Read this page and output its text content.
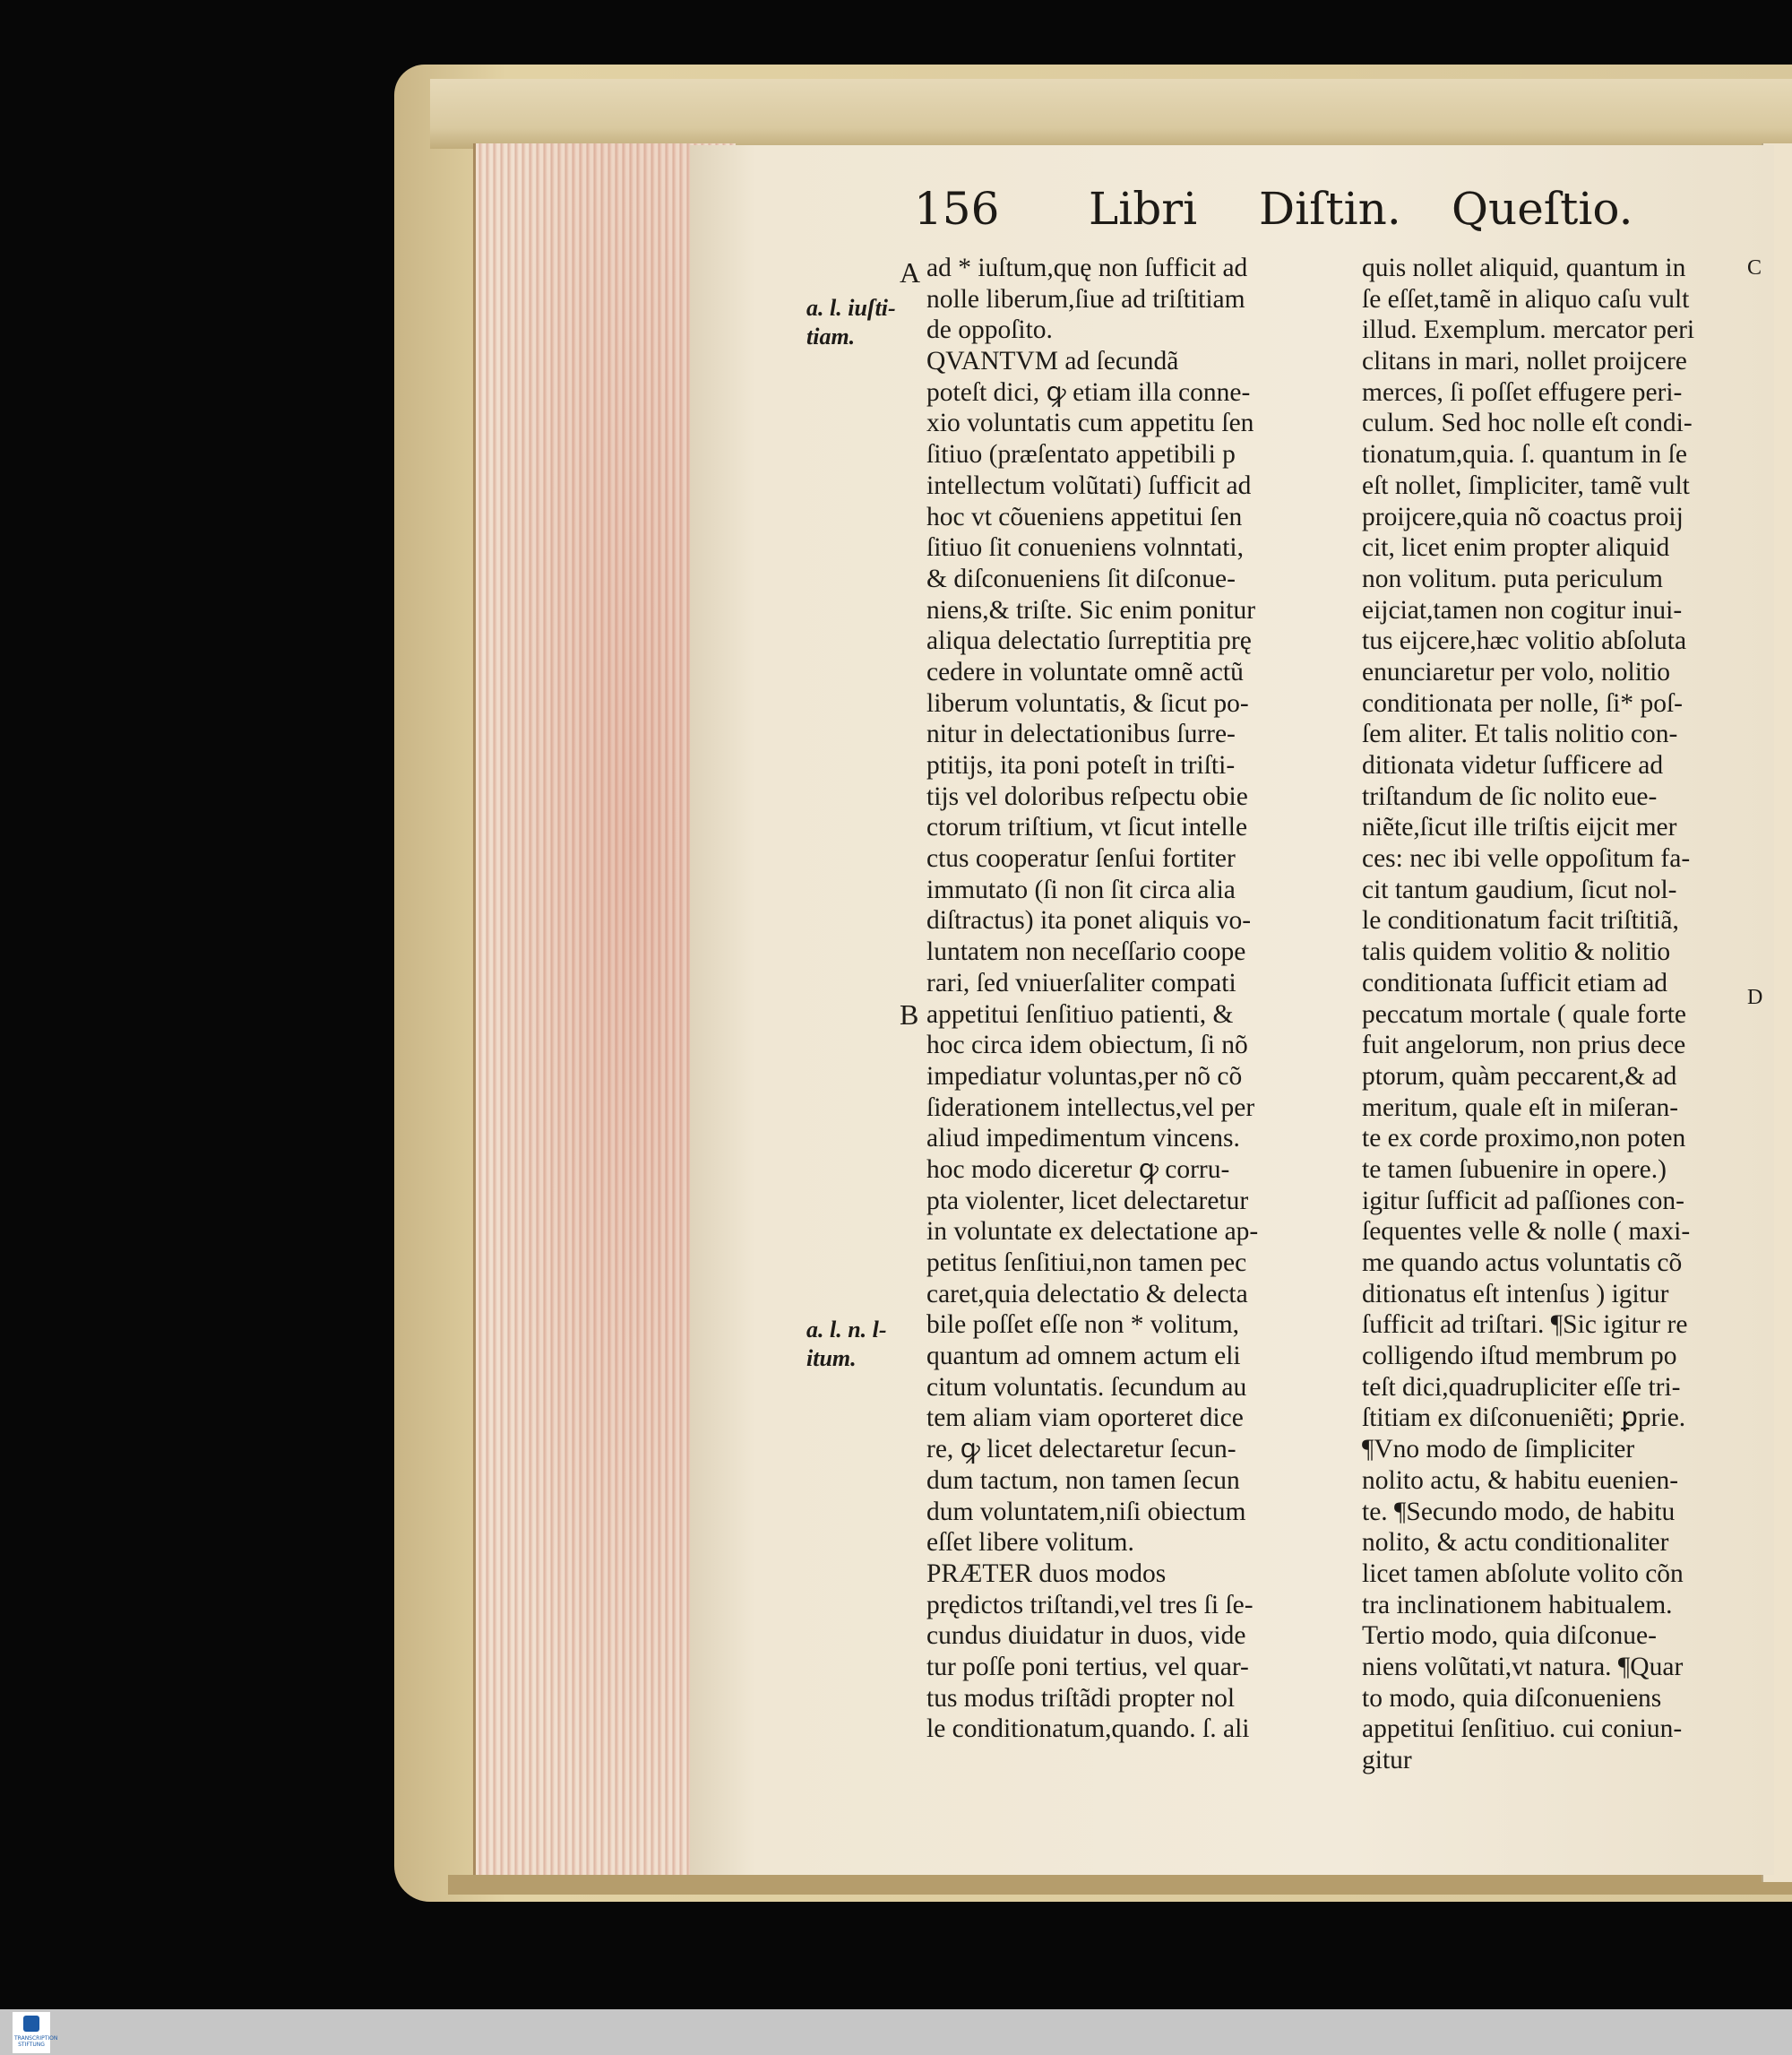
156 Libri Diſtin. Queſtio.
ad * iuſtum,quę non ſufficit ad
nolle liberum,ſiue ad triſtitiam
de oppoſito.
QVANTVM ad ſecundã
poteſt dici, ꝙ etiam illa conne-
xio voluntatis cum appetitu ſen
ſitiuo (præſentato appetibili p
intellectum volũtati) ſufficit ad
hoc vt cõueniens appetitui ſen
ſitiuo ſit conueniens volnntati,
& diſconueniens ſit diſconue-
niens,& triſte. Sic enim ponitur
aliqua delectatio ſurreptitia prę
cedere in voluntate omnẽ actũ
liberum voluntatis, & ſicut po-
nitur in delectationibus ſurre-
ptitijs, ita poni poteſt in triſti-
tijs vel doloribus reſpectu obie
ctorum triſtium, vt ſicut intelle
ctus cooperatur ſenſui fortiter
immutato (ſi non ſit circa alia
diſtractus) ita ponet aliquis vo-
luntatem non neceſſario coope
rari, ſed vniuerſaliter compati
appetitui ſenſitiuo patienti, &
hoc circa idem obiectum, ſi nõ
impediatur voluntas,per nõ cõ
ſiderationem intellectus,vel per
aliud impedimentum vincens.
hoc modo diceretur ꝙ corru-
pta violenter, licet delectaretur
in voluntate ex delectatione ap-
petitus ſenſitiui,non tamen pec
caret,quia delectatio & delecta
bile poſſet eſſe non * volitum,
quantum ad omnem actum eli
citum voluntatis. ſecundum au
tem aliam viam oporteret dice
re, ꝙ licet delectaretur ſecun-
dum tactum, non tamen ſecun
dum voluntatem,niſi obiectum
eſſet libere volitum.
PRÆTER duos modos
prędictos triſtandi,vel tres ſi ſe-
cundus diuidatur in duos, vide
tur poſſe poni tertius, vel quar-
tus modus triſtãdi propter nol
le conditionatum,quando. ſ. ali
quis nollet aliquid, quantum in
ſe eſſet,tamẽ in aliquo caſu vult
illud. Exemplum. mercator peri
clitans in mari, nollet proijcere
merces, ſi poſſet effugere peri-
culum. Sed hoc nolle eſt condi-
tionatum,quia. ſ. quantum in ſe
eſt nollet, ſimpliciter, tamẽ vult
proijcere,quia nõ coactus proij
cit, licet enim propter aliquid
non volitum. puta periculum
eijciat,tamen non cogitur inui-
tus eijcere,hæc volitio abſoluta
enunciaretur per volo, nolitio
conditionata per nolle, ſi* poſ-
ſem aliter. Et talis nolitio con-
ditionata videtur ſufficere ad
triſtandum de ſic nolito eue-
niẽte,ſicut ille triſtis eijcit mer
ces: nec ibi velle oppoſitum fa-
cit tantum gaudium, ſicut nol-
le conditionatum facit triſtitiã,
talis quidem volitio & nolitio
conditionata ſufficit etiam ad
peccatum mortale ( quale forte
fuit angelorum, non prius dece
ptorum, quàm peccarent,& ad
meritum, quale eſt in miſeran-
te ex corde proximo,non poten
te tamen ſubuenire in opere.)
igitur ſufficit ad paſſiones con-
ſequentes velle & nolle ( maxi-
me quando actus voluntatis cõ
ditionatus eſt intenſus ) igitur
ſufficit ad triſtari. ¶Sic igitur re
colligendo iſtud membrum po
teſt dici,quadrupliciter eſſe tri-
ſtitiam ex diſconueniẽti; ꝑprie.
¶Vno modo de ſimpliciter
nolito actu, & habitu euenien-
te. ¶Secundo modo, de habitu
nolito, & actu conditionaliter
licet tamen abſolute volito cõn
tra inclinationem habitualem.
Tertio modo, quia diſconue-
niens volũtati,vt natura. ¶Quar
to modo, quia diſconueniens
appetitui ſenſitiuo. cui coniun-
gitur
A
B
C
D
a. l. iuſti-
tiam.
a. l. n. l-
itum.
TRANSCRIPTION STIFTUNG
